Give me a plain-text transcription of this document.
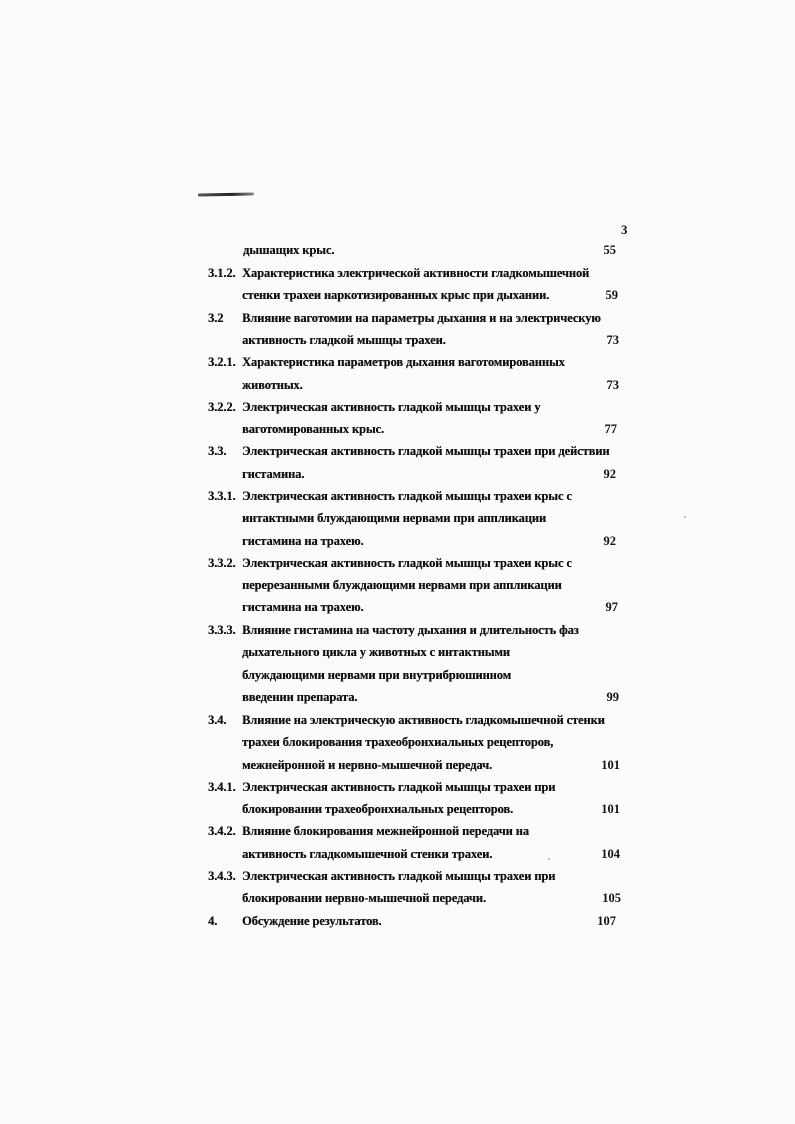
3
дышащих крыс.	55
3.1.2. Характеристика электрической активности гладкомышечной
стенки трахеи наркотизированных крыс при дыхании.	59
3.2 Влияние ваготомии на параметры дыхания и на электрическую
активность гладкой мышцы трахеи.	73
3.2.1. Характеристика параметров дыхания ваготомированных
животных.	73
3.2.2. Электрическая активность гладкой мышцы трахеи у
ваготомированных крыс.	77
3.3. Электрическая активность гладкой мышцы трахеи при действии
гистамина.	92
3.3.1. Электрическая активность гладкой мышцы трахеи крыс с
интактными блуждающими нервами при аппликации
гистамина на трахею.	92
3.3.2. Электрическая активность гладкой мышцы трахеи крыс с
перерезанными блуждающими нервами при аппликации
гистамина на трахею.	97
3.3.3. Влияние гистамина на частоту дыхания и длительность фаз
дыхательного цикла у животных с интактными
блуждающими нервами при внутрибрюшинном
введении препарата.	99
3.4. Влияние на электрическую активность гладкомышечной стенки
трахеи блокирования трахеобронхиальных рецепторов,
межнейронной и нервно-мышечной передач.	101
3.4.1. Электрическая активность гладкой мышцы трахеи при
блокировании трахеобронхиальных рецепторов.	101
3.4.2. Влияние блокирования межнейронной передачи на
активность гладкомышечной стенки трахеи.	104
3.4.3. Электрическая активность гладкой мышцы трахеи при
блокировании нервно-мышечной передачи.	105
4. Обсуждение результатов.	107
